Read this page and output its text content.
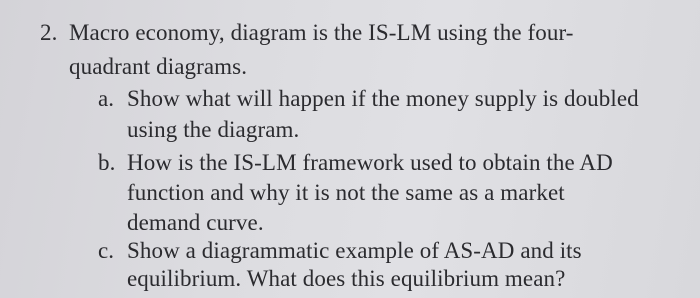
2. Macro economy, diagram is the IS-LM using the four-
quadrant diagrams.
a. Show what will happen if the money supply is doubled
using the diagram.
b. How is the IS-LM framework used to obtain the AD
function and why it is not the same as a market
demand curve.
c. Show a diagrammatic example of AS-AD and its
equilibrium. What does this equilibrium mean?
